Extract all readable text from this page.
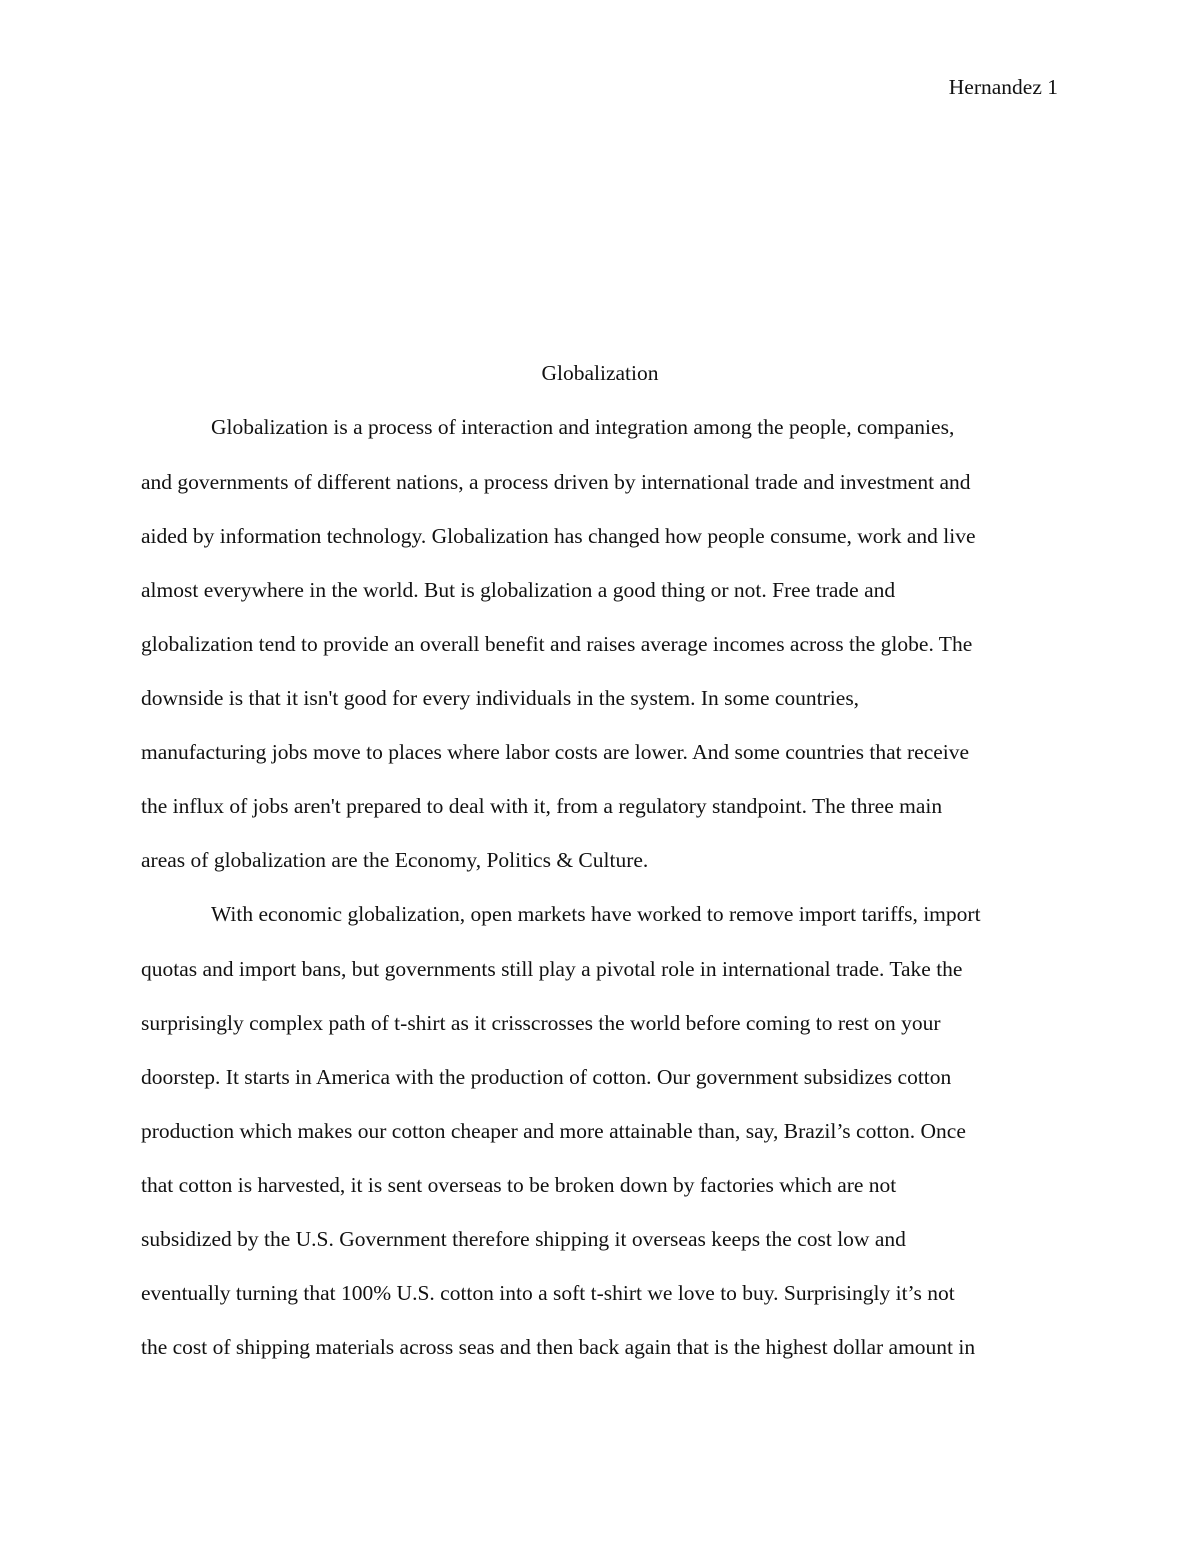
Hernandez 1
Globalization
Globalization is a process of interaction and integration among the people, companies,
and governments of different nations, a process driven by international trade and investment and
aided by information technology. Globalization has changed how people consume, work and live
almost everywhere in the world. But is globalization a good thing or not. Free trade and
globalization tend to provide an overall benefit and raises average incomes across the globe. The
downside is that it isn't good for every individuals in the system. In some countries,
manufacturing jobs move to places where labor costs are lower. And some countries that receive
the influx of jobs aren't prepared to deal with it, from a regulatory standpoint. The three main
areas of globalization are the Economy, Politics & Culture.
With economic globalization, open markets have worked to remove import tariffs, import
quotas and import bans, but governments still play a pivotal role in international trade. Take the
surprisingly complex path of t-shirt as it crisscrosses the world before coming to rest on your
doorstep. It starts in America with the production of cotton. Our government subsidizes cotton
production which makes our cotton cheaper and more attainable than, say, Brazil’s cotton. Once
that cotton is harvested, it is sent overseas to be broken down by factories which are not
subsidized by the U.S. Government therefore shipping it overseas keeps the cost low and
eventually turning that 100% U.S. cotton into a soft t-shirt we love to buy. Surprisingly it’s not
the cost of shipping materials across seas and then back again that is the highest dollar amount in
